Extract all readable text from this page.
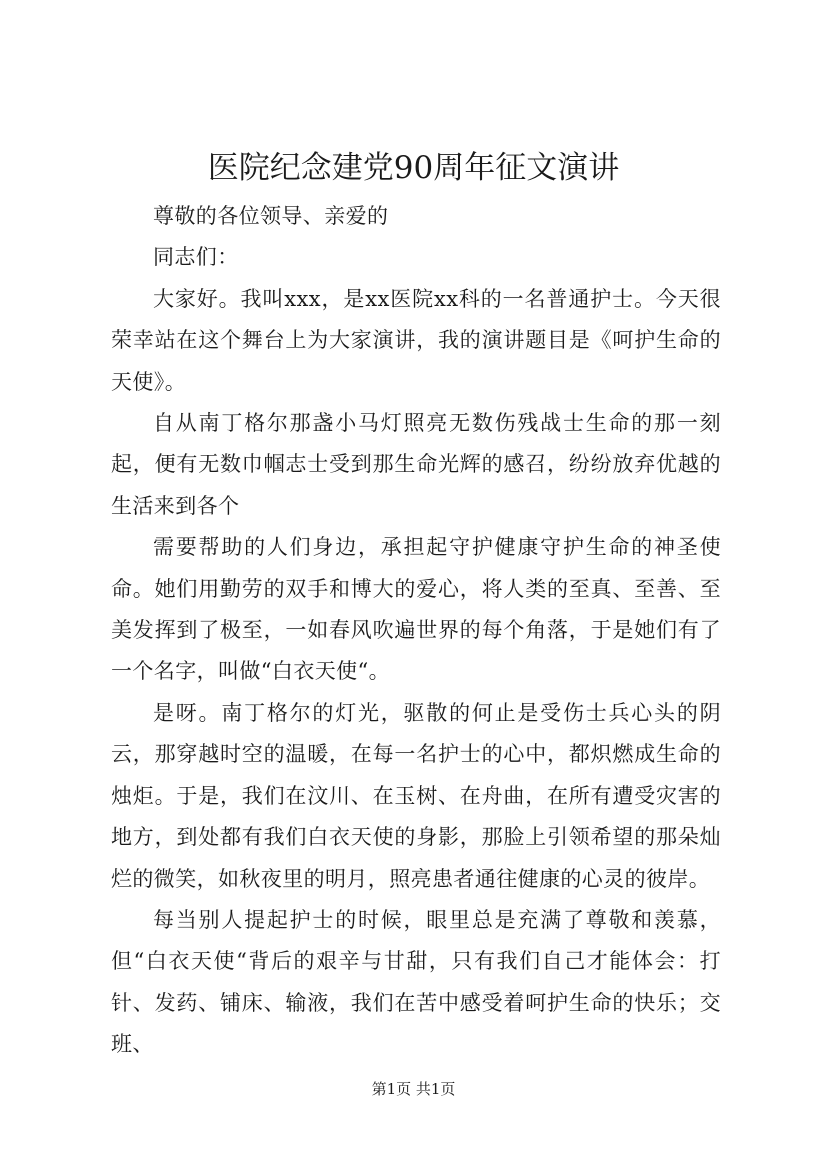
医院纪念建党90周年征文演讲

尊敬的各位领导、亲爱的

同志们：

大家好。我叫xxx，是xx医院xx科的一名普通护士。今天很荣幸站在这个舞台上为大家演讲，我的演讲题目是《呵护生命的天使》。

自从南丁格尔那盏小马灯照亮无数伤残战士生命的那一刻起，便有无数巾帼志士受到那生命光辉的感召，纷纷放弃优越的生活来到各个

需要帮助的人们身边，承担起守护健康守护生命的神圣使命。她们用勤劳的双手和博大的爱心，将人类的至真、至善、至美发挥到了极至，一如春风吹遍世界的每个角落，于是她们有了一个名字，叫做“白衣天使“。

是呀。南丁格尔的灯光，驱散的何止是受伤士兵心头的阴云，那穿越时空的温暖，在每一名护士的心中，都炽燃成生命的烛炬。于是，我们在汶川、在玉树、在舟曲，在所有遭受灾害的地方，到处都有我们白衣天使的身影，那脸上引领希望的那朵灿烂的微笑，如秋夜里的明月，照亮患者通往健康的心灵的彼岸。

每当别人提起护士的时候，眼里总是充满了尊敬和羡慕，但“白衣天使“背后的艰辛与甘甜，只有我们自己才能体会：打针、发药、铺床、输液，我们在苦中感受着呵护生命的快乐；交班、

第1页 共1页
